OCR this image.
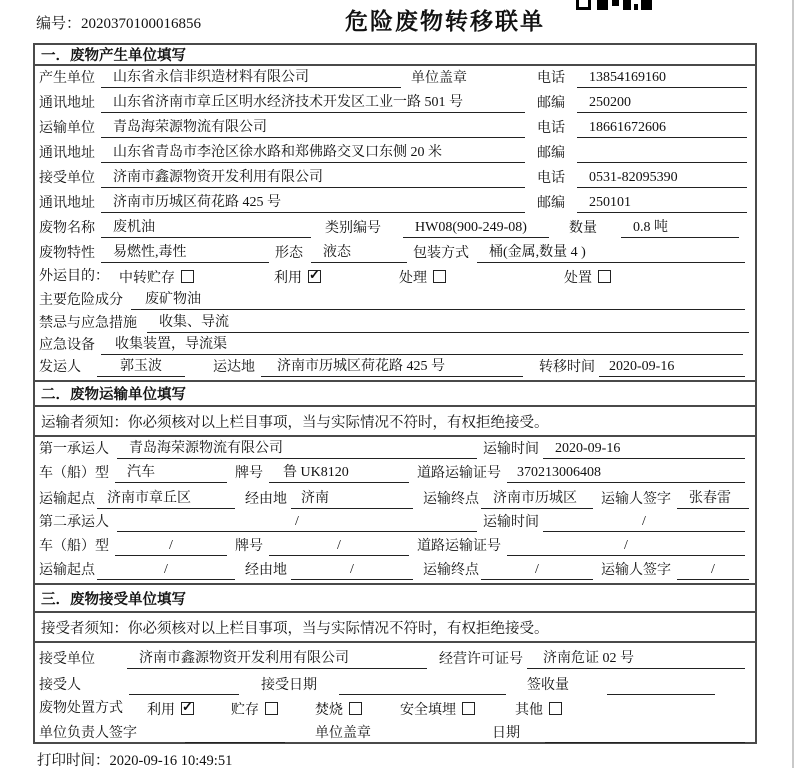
编号：2020370100016856	危险废物转移联单
一．废物产生单位填写
产生单位	山东省永信非织造材料有限公司	单位盖章	电话	13854169160
通讯地址	山东省济南市章丘区明水经济技术开发区工业一路 501 号	邮编	250200
运输单位	青岛海荣源物流有限公司	电话	18661672606
通讯地址	山东省青岛市李沧区徐水路和郑佛路交叉口东侧 20 米	邮编
接受单位	济南市鑫源物资开发利用有限公司	电话	0531-82095390
通讯地址	济南市历城区荷花路 425 号	邮编	250101
废物名称	废机油	类别编号	HW08(900-249-08)	数量	0.8 吨
废物特性	易燃性,毒性	形态	液态	包装方式	桶(金属,数量 4 )
外运目的： 中转贮存	利用 ✓	处理	处置
主要危险成分	废矿物油
禁忌与应急措施	收集、导流
应急设备	收集装置，导流渠
发运人	郭玉波	运达地	济南市历城区荷花路 425 号	转移时间	2020-09-16
二．废物运输单位填写
运输者须知：你必须核对以上栏目事项，当与实际情况不符时，有权拒绝接受。
第一承运人	青岛海荣源物流有限公司	运输时间	2020-09-16
车（船）型	汽车	牌号	鲁 UK8120	道路运输证号	370213006408
运输起点 济南市章丘区	经由地	济南	运输终点	济南市历城区	运输人签字	张春雷
第二承运人	/	运输时间	/
车（船）型	/	牌号	/	道路运输证号	/
运输起点	/	经由地	/	运输终点	/	运输人签字	/
三．废物接受单位填写
接受者须知：你必须核对以上栏目事项，当与实际情况不符时，有权拒绝接受。
接受单位	济南市鑫源物资开发利用有限公司	经营许可证号	济南危证 02 号
接受人	接受日期	签收量
废物处置方式 利用 ✓	贮存	焚烧	安全填埋	其他
单位负责人签字	单位盖章	日期
打印时间：2020-09-16 10:49:51
